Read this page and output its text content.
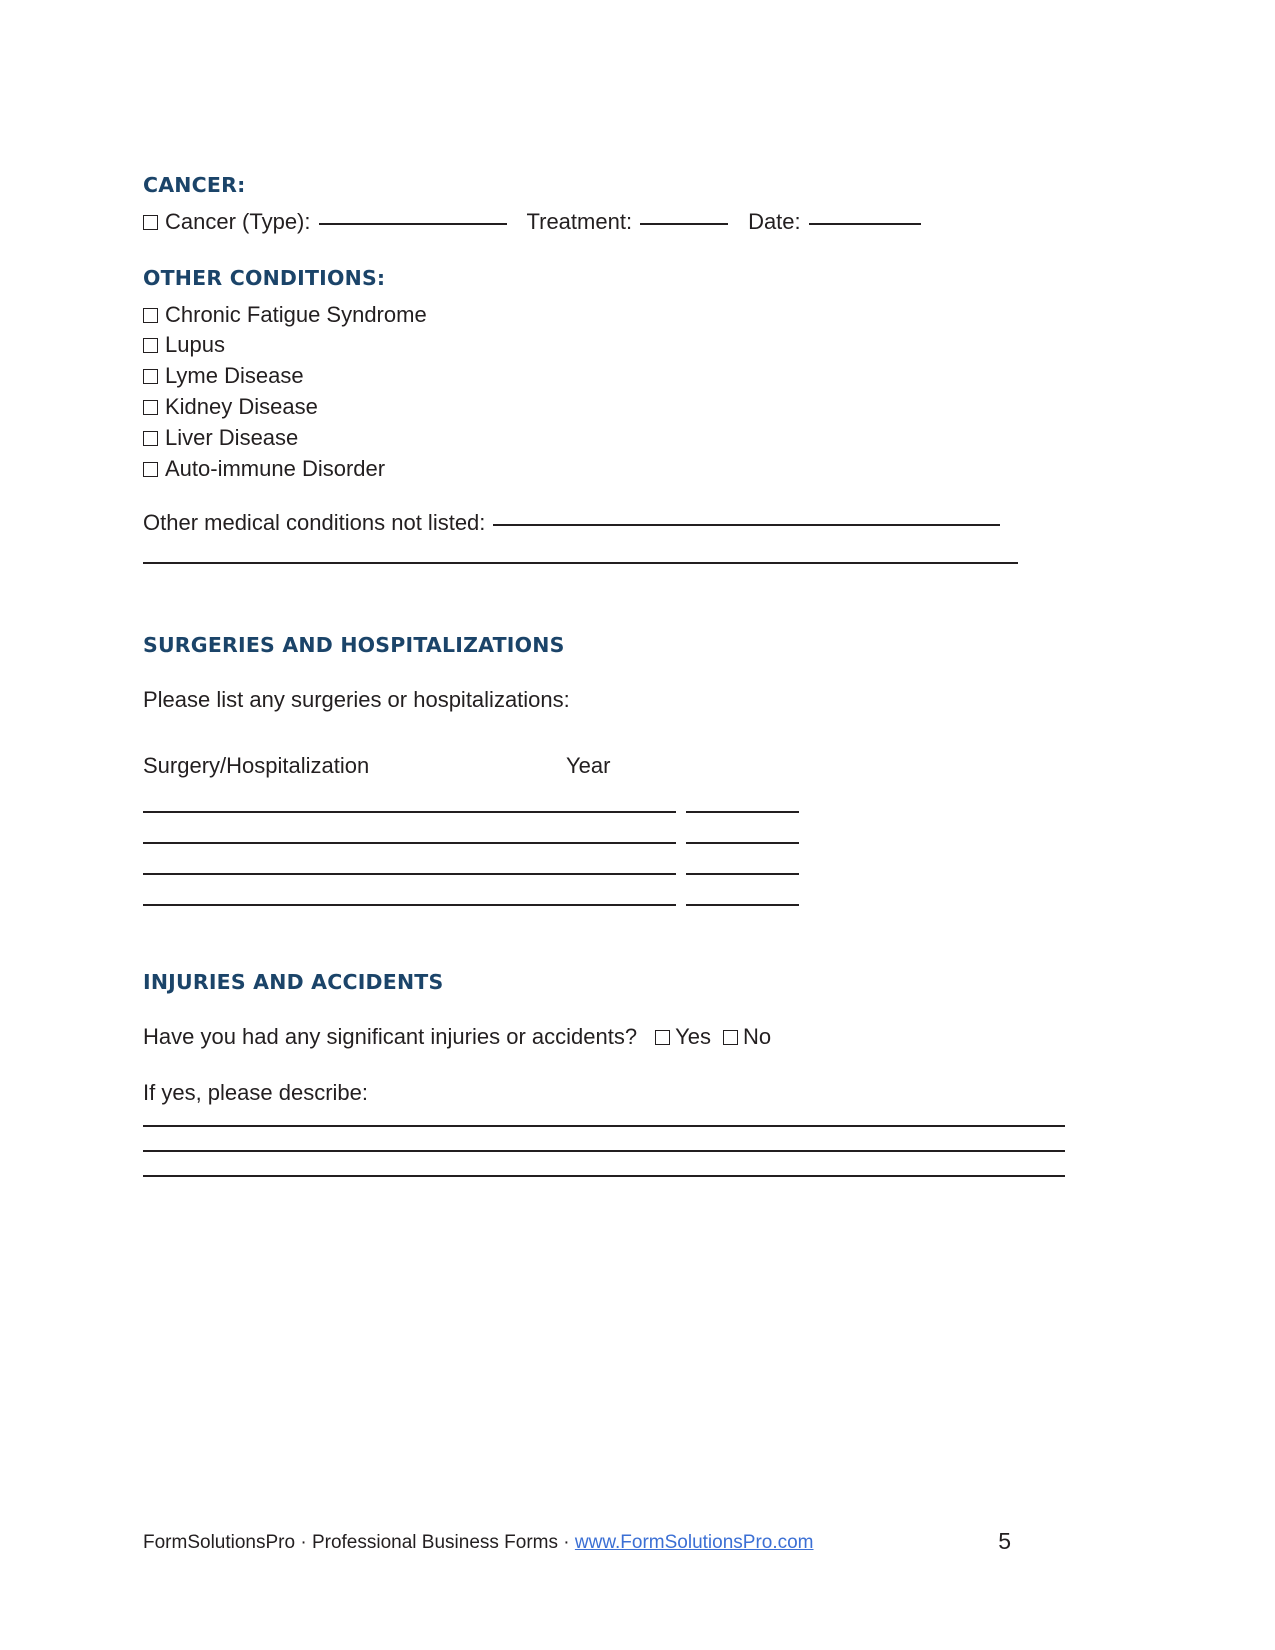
CANCER:
Cancer (Type):	Treatment:	Date:
OTHER CONDITIONS:
Chronic Fatigue Syndrome
Lupus
Lyme Disease
Kidney Disease
Liver Disease
Auto-immune Disorder
Other medical conditions not listed:

SURGERIES AND HOSPITALIZATIONS
Please list any surgeries or hospitalizations:
Surgery/Hospitalization	Year
INJURIES AND ACCIDENTS
Have you had any significant injuries or accidents? Yes No
If yes, please describe:

FormSolutionsPro · Professional Business Forms · www.FormSolutionsPro.com	5
